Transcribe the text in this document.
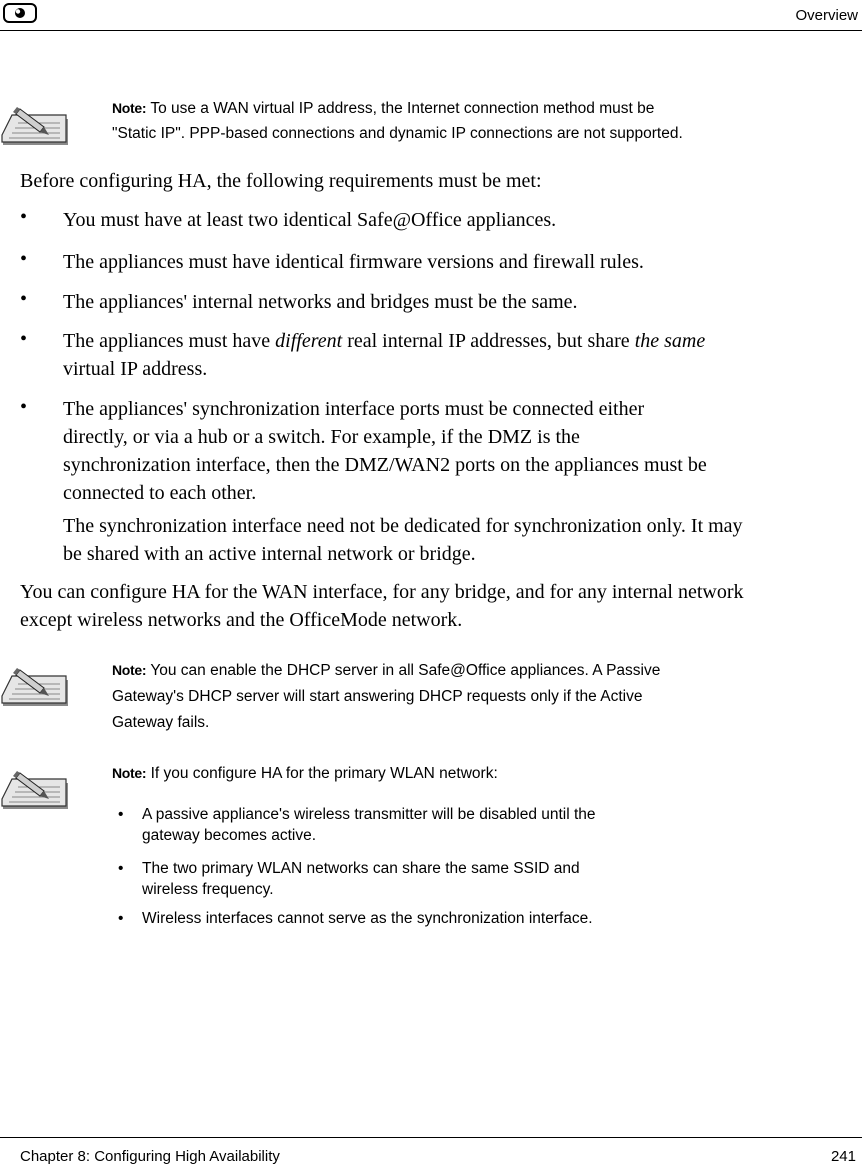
Overview
Note: To use a WAN virtual IP address, the Internet connection method must be
"Static IP". PPP-based connections and dynamic IP connections are not supported.
Before configuring HA, the following requirements must be met:
• You must have at least two identical Safe@Office appliances.
• The appliances must have identical firmware versions and firewall rules.
• The appliances' internal networks and bridges must be the same.
• The appliances must have different real internal IP addresses, but share the same
virtual IP address.
• The appliances' synchronization interface ports must be connected either
directly, or via a hub or a switch. For example, if the DMZ is the
synchronization interface, then the DMZ/WAN2 ports on the appliances must be
connected to each other.
The synchronization interface need not be dedicated for synchronization only. It may
be shared with an active internal network or bridge.
You can configure HA for the WAN interface, for any bridge, and for any internal network
except wireless networks and the OfficeMode network.
Note: You can enable the DHCP server in all Safe@Office appliances. A Passive
Gateway's DHCP server will start answering DHCP requests only if the Active
Gateway fails.
Note: If you configure HA for the primary WLAN network:
• A passive appliance's wireless transmitter will be disabled until the
gateway becomes active.
• The two primary WLAN networks can share the same SSID and
wireless frequency.
• Wireless interfaces cannot serve as the synchronization interface.
Chapter 8: Configuring High Availability	241
